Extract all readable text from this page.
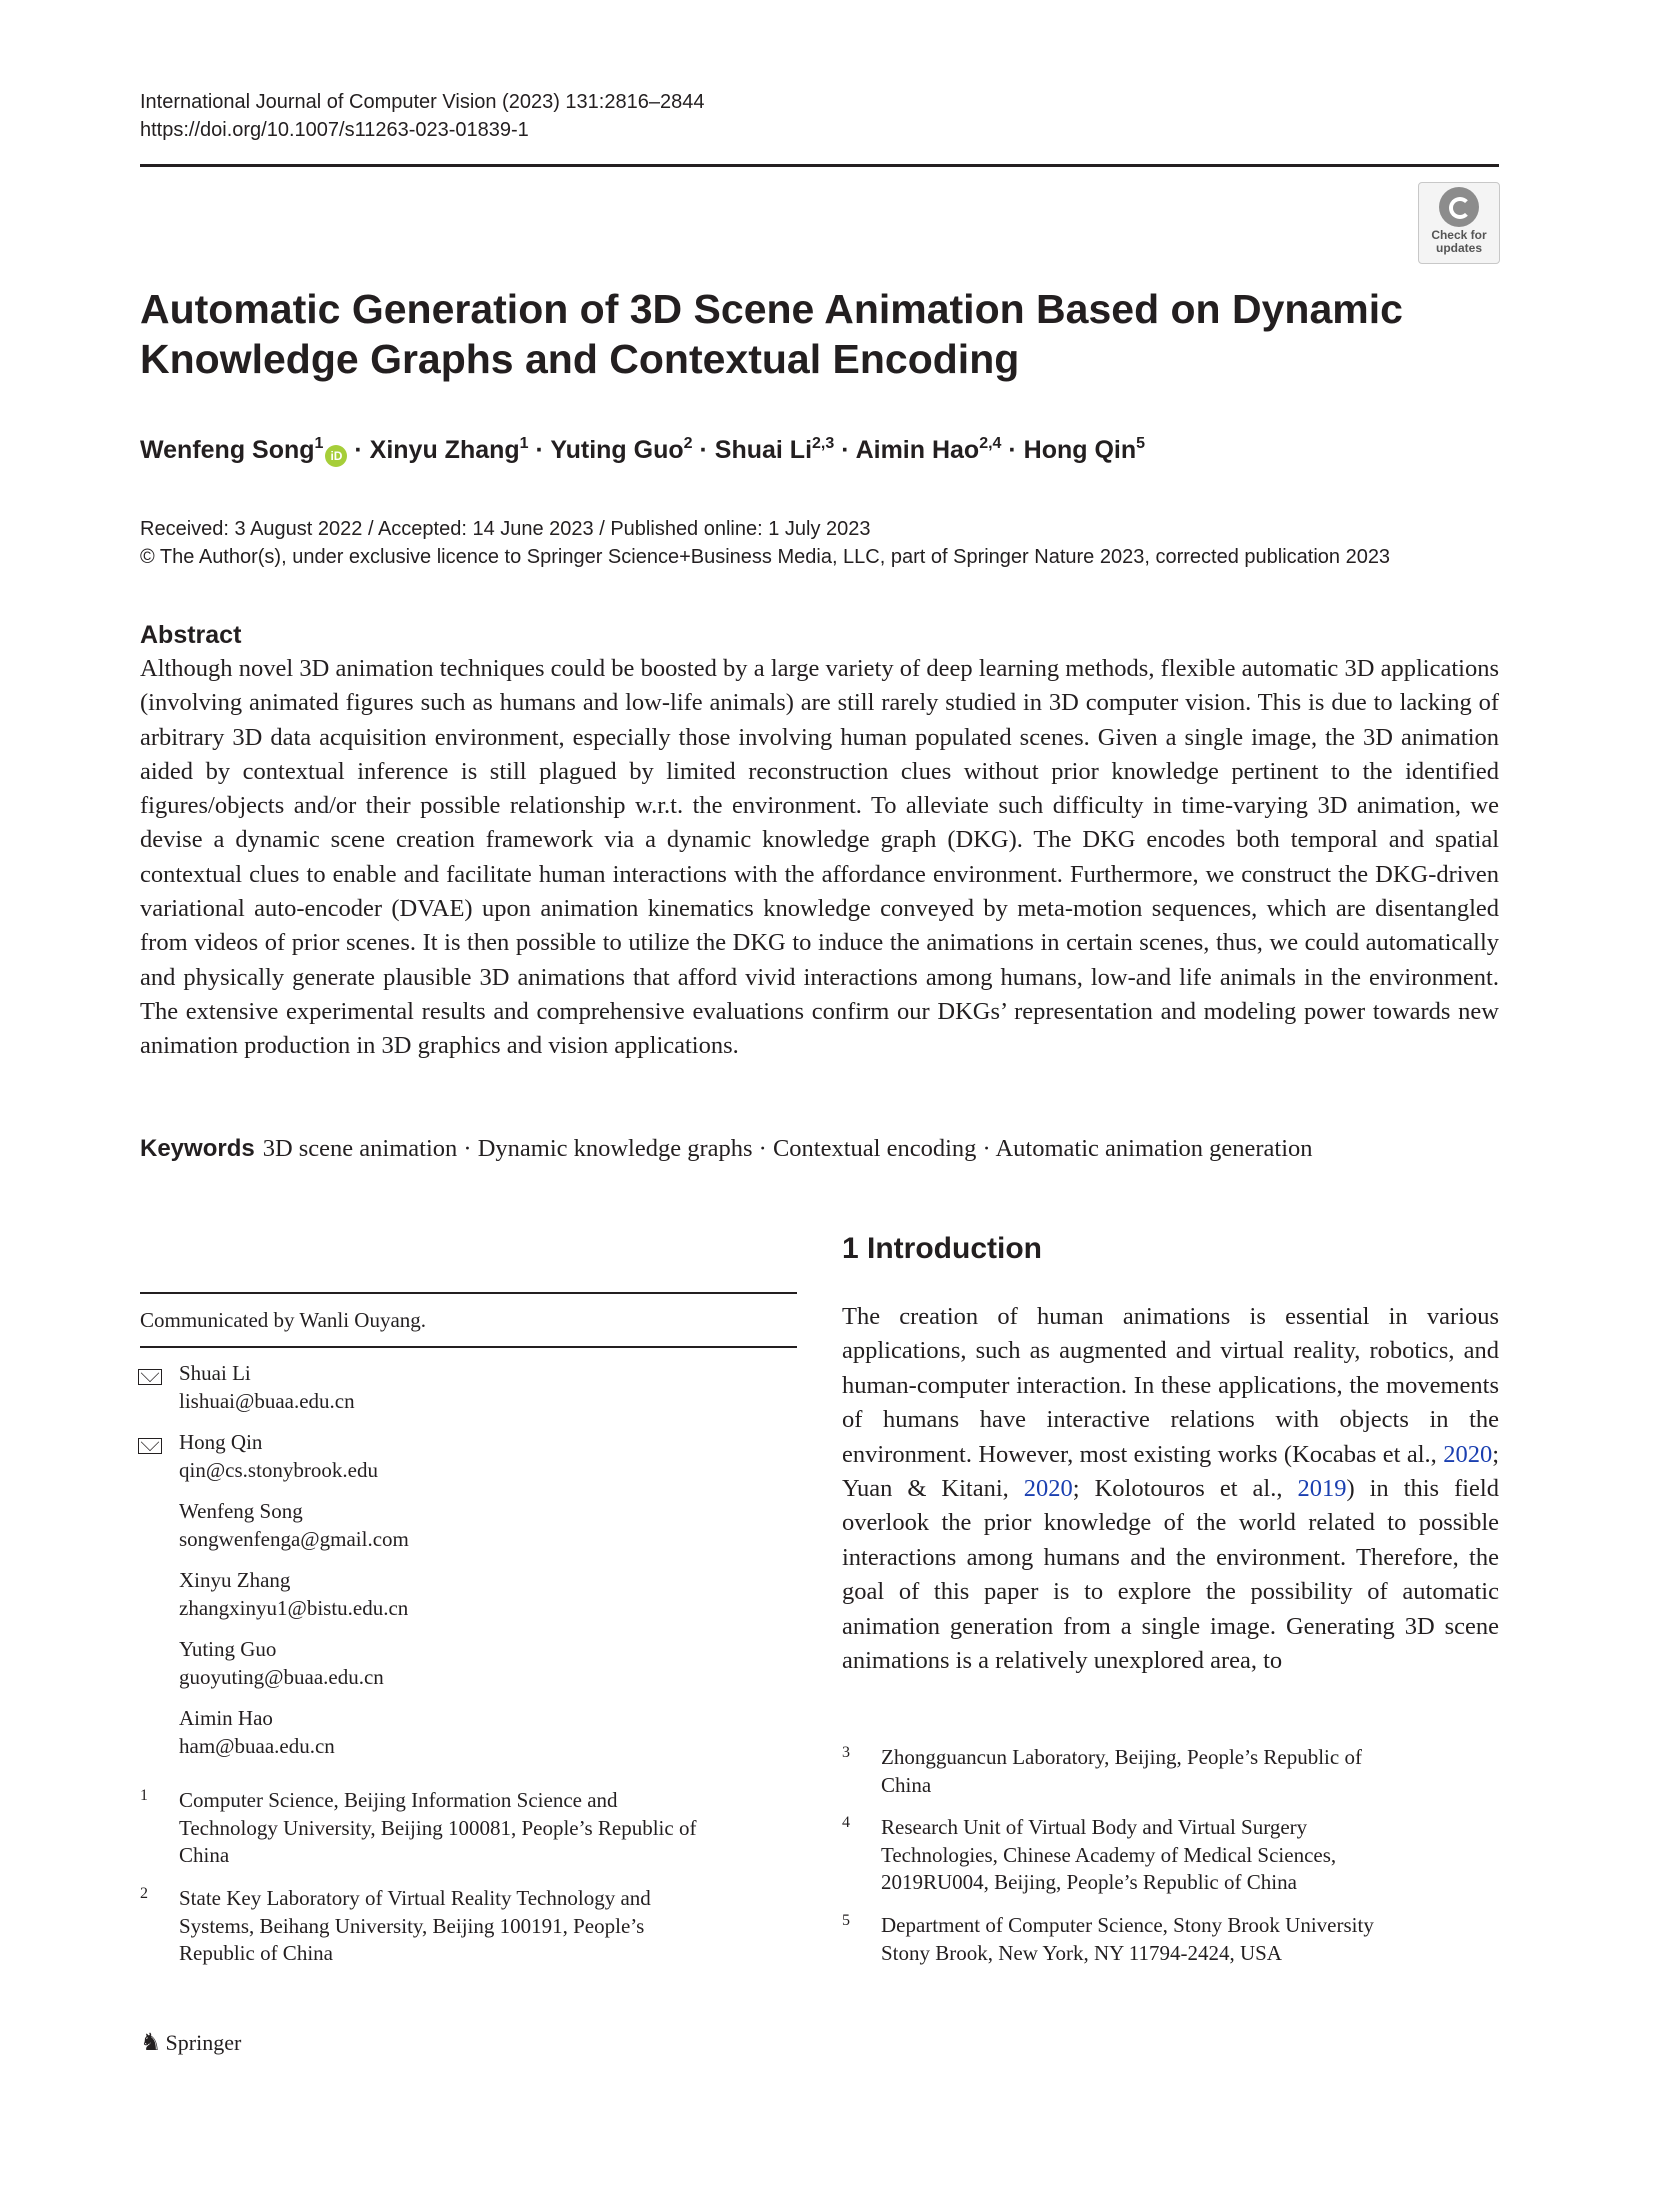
International Journal of Computer Vision (2023) 131:2816–2844
https://doi.org/10.1007/s11263-023-01839-1
Check for
updates
Automatic Generation of 3D Scene Animation Based on Dynamic
Knowledge Graphs and Contextual Encoding
Wenfeng Song$^1$iD · Xinyu Zhang$^1$ · Yuting Guo$^2$ · Shuai Li$^{2,3}$ · Aimin Hao$^{2,4}$ · Hong Qin$^5$
Received: 3 August 2022 / Accepted: 14 June 2023 / Published online: 1 July 2023
© The Author(s), under exclusive licence to Springer Science+Business Media, LLC, part of Springer Nature 2023, corrected publication 2023
Abstract
Although novel 3D animation techniques could be boosted by a large variety of deep learning methods, flexible automatic 3D applications (involving animated figures such as humans and low-life animals) are still rarely studied in 3D computer vision. This is due to lacking of arbitrary 3D data acquisition environment, especially those involving human populated scenes. Given a single image, the 3D animation aided by contextual inference is still plagued by limited reconstruction clues without prior knowledge pertinent to the identified figures/objects and/or their possible relationship w.r.t. the environment. To alleviate such difficulty in time-varying 3D animation, we devise a dynamic scene creation framework via a dynamic knowledge graph (DKG). The DKG encodes both temporal and spatial contextual clues to enable and facilitate human interactions with the affordance environment. Furthermore, we construct the DKG-driven variational auto-encoder (DVAE) upon animation kinematics knowledge conveyed by meta-motion sequences, which are disentangled from videos of prior scenes. It is then possible to utilize the DKG to induce the animations in certain scenes, thus, we could automatically and physically generate plausible 3D animations that afford vivid interactions among humans, low-and life animals in the environment. The extensive experimental results and comprehensive evaluations confirm our DKGs’ representation and modeling power towards new animation production in 3D graphics and vision applications.
Keywords 3D scene animation · Dynamic knowledge graphs · Contextual encoding · Automatic animation generation
1 Introduction
The creation of human animations is essential in various applications, such as augmented and virtual reality, robotics, and human-computer interaction. In these applications, the movements of humans have interactive relations with objects in the environment. However, most existing works (Kocabas et al., 2020; Yuan & Kitani, 2020; Kolotouros et al., 2019) in this field overlook the prior knowledge of the world related to possible interactions among humans and the environment. Therefore, the goal of this paper is to explore the possibility of automatic animation generation from a single image. Generating 3D scene animations is a relatively unexplored area, to
Communicated by Wanli Ouyang.
Shuai Li
lishuai@buaa.edu.cn
Hong Qin
qin@cs.stonybrook.edu
Wenfeng Song
songwenfenga@gmail.com
Xinyu Zhang
zhangxinyu1@bistu.edu.cn
Yuting Guo
guoyuting@buaa.edu.cn
Aimin Hao
ham@buaa.edu.cn
1 Computer Science, Beijing Information Science and
Technology University, Beijing 100081, People’s Republic of
China
2 State Key Laboratory of Virtual Reality Technology and
Systems, Beihang University, Beijing 100191, People’s
Republic of China
3 Zhongguancun Laboratory, Beijing, People’s Republic of
China
4 Research Unit of Virtual Body and Virtual Surgery
Technologies, Chinese Academy of Medical Sciences,
2019RU004, Beijing, People’s Republic of China
5 Department of Computer Science, Stony Brook University
Stony Brook, New York, NY 11794-2424, USA
♞ Springer
